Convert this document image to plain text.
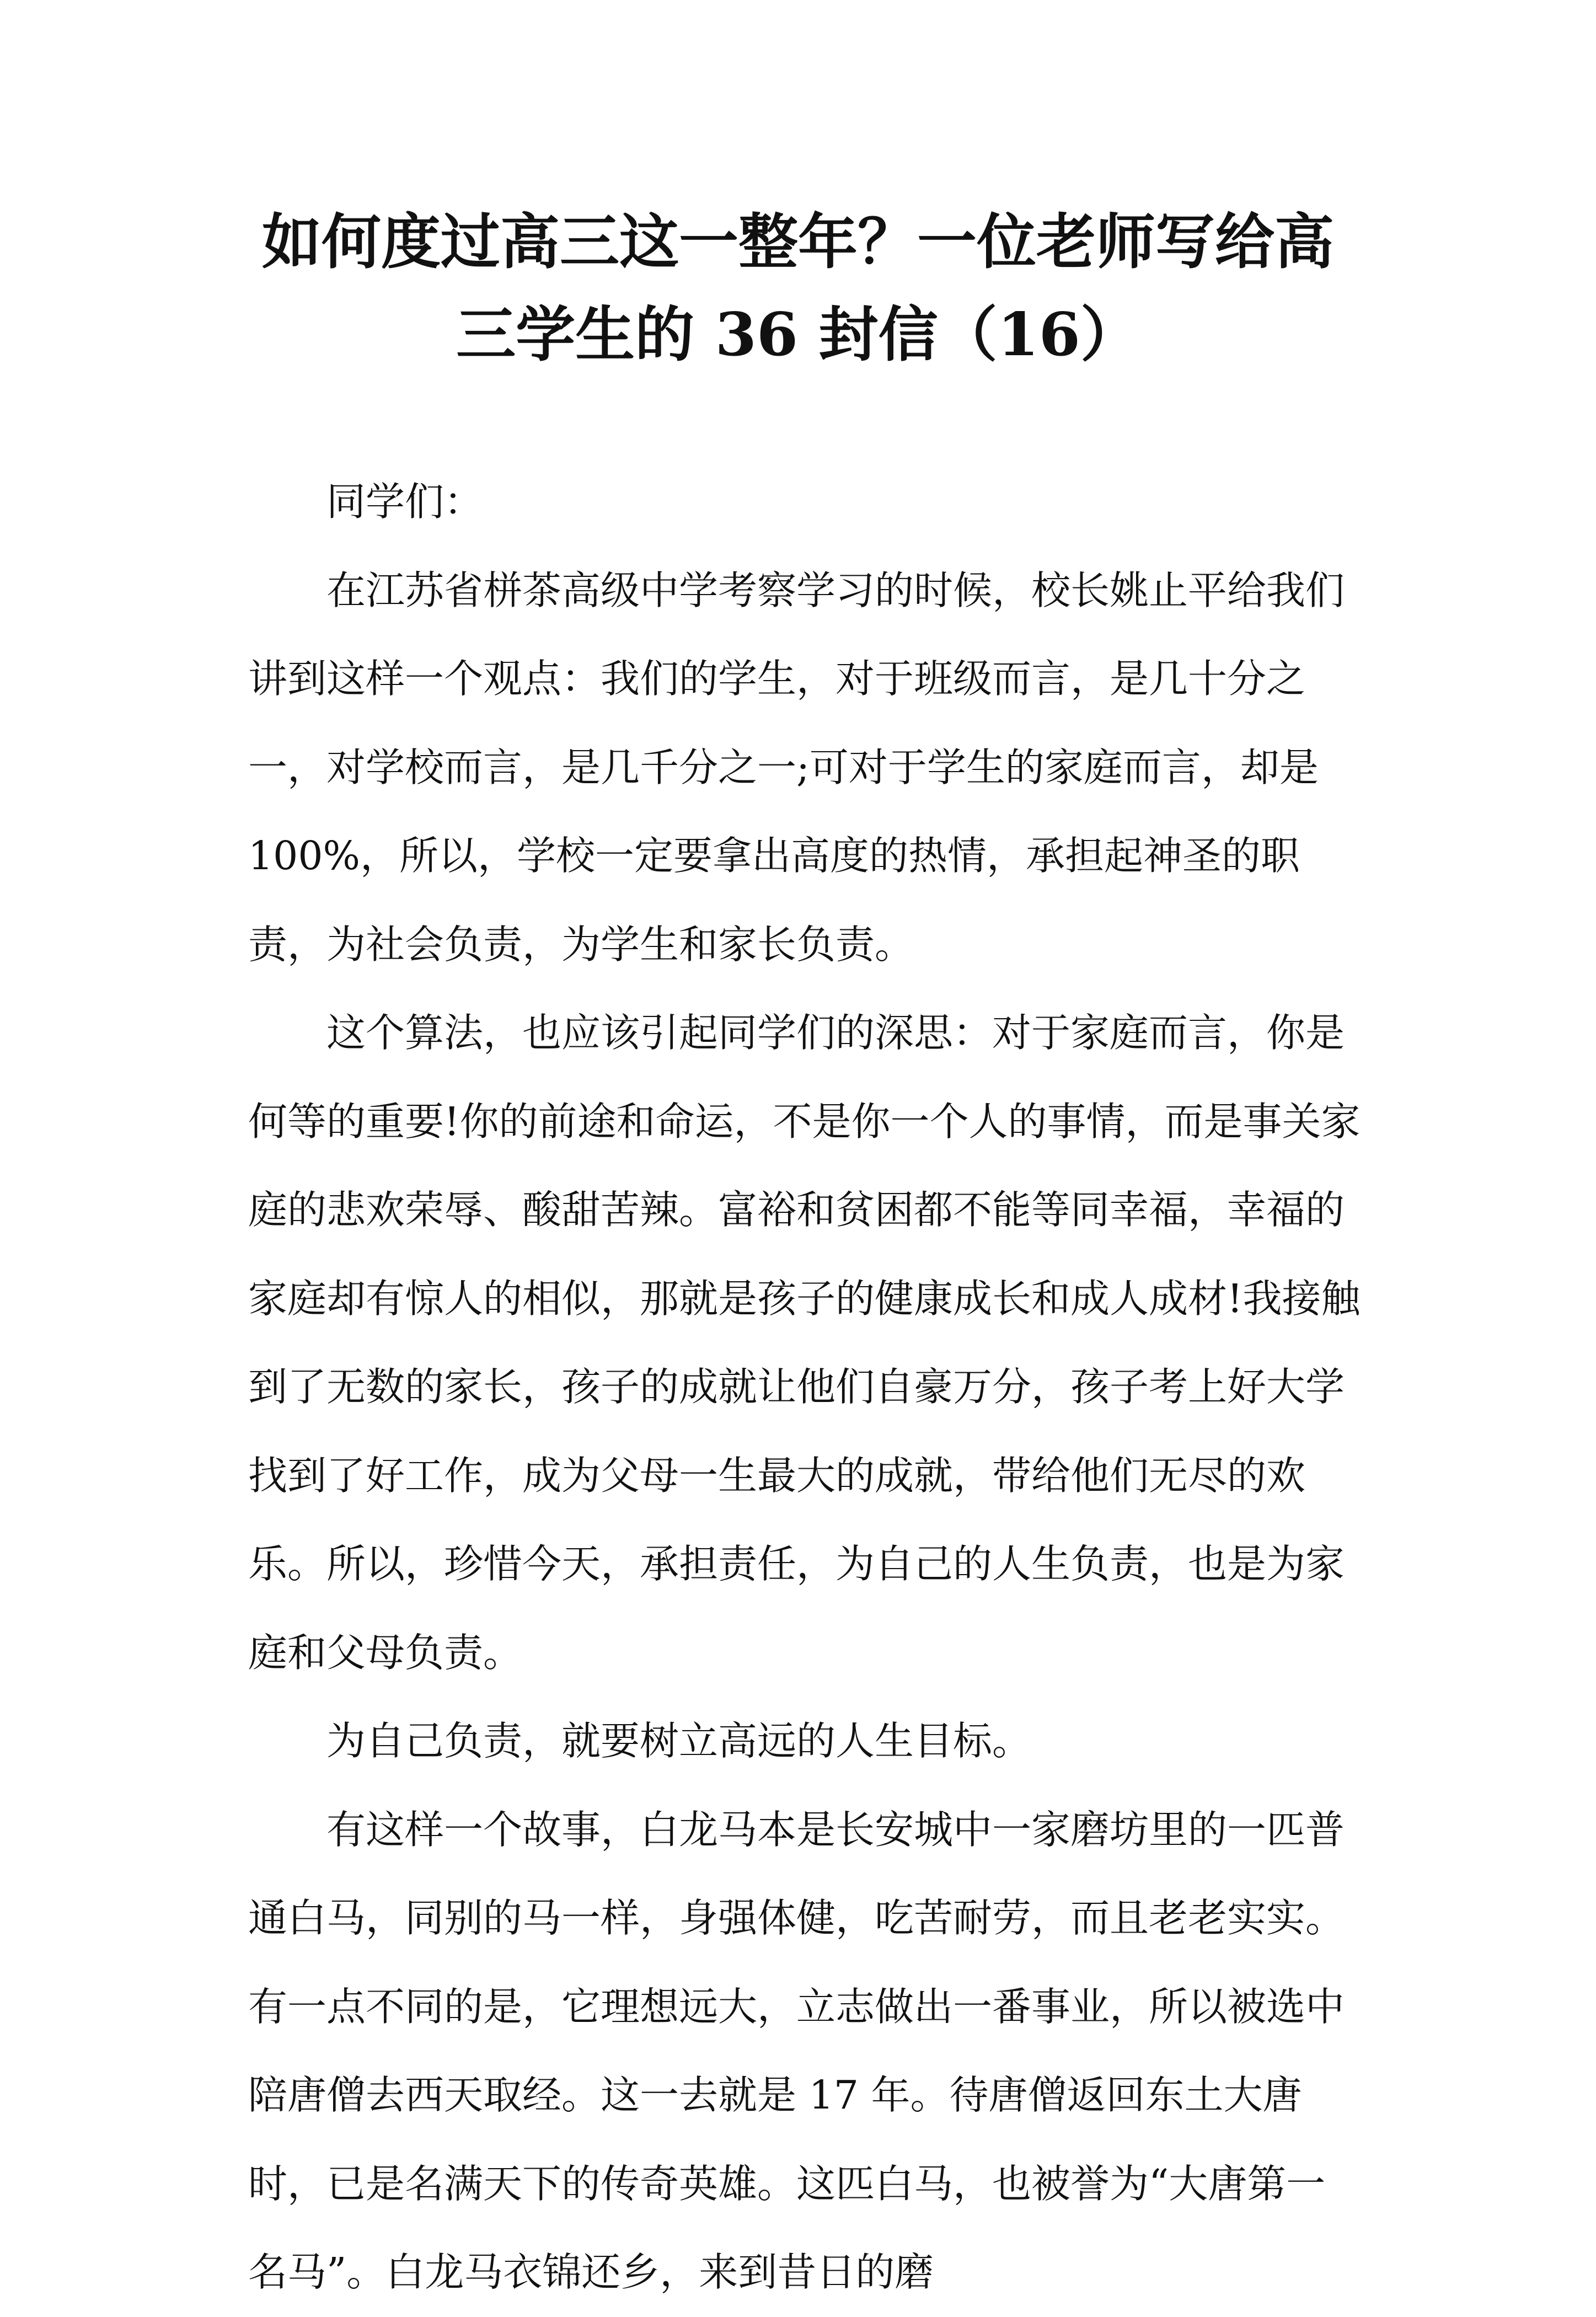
如何度过高三这一整年？一位老师写给高
三学生的 36 封信（16）

同学们：

在江苏省栟茶高级中学考察学习的时候，校长姚止平给我们讲到这样一个观点：我们的学生，对于班级而言，是几十分之一，对学校而言，是几千分之一;可对于学生的家庭而言，却是100%，所以，学校一定要拿出高度的热情，承担起神圣的职责，为社会负责，为学生和家长负责。

这个算法，也应该引起同学们的深思：对于家庭而言，你是何等的重要!你的前途和命运，不是你一个人的事情，而是事关家庭的悲欢荣辱、酸甜苦辣。富裕和贫困都不能等同幸福，幸福的家庭却有惊人的相似，那就是孩子的健康成长和成人成材!我接触到了无数的家长，孩子的成就让他们自豪万分，孩子考上好大学找到了好工作，成为父母一生最大的成就，带给他们无尽的欢乐。所以，珍惜今天，承担责任，为自己的人生负责，也是为家庭和父母负责。

为自己负责，就要树立高远的人生目标。

有这样一个故事，白龙马本是长安城中一家磨坊里的一匹普通白马，同别的马一样，身强体健，吃苦耐劳，而且老老实实。有一点不同的是，它理想远大，立志做出一番事业，所以被选中陪唐僧去西天取经。这一去就是 17 年。待唐僧返回东土大唐时，已是名满天下的传奇英雄。这匹白马，也被誉为“大唐第一名马”。白龙马衣锦还乡，来到昔日的磨
